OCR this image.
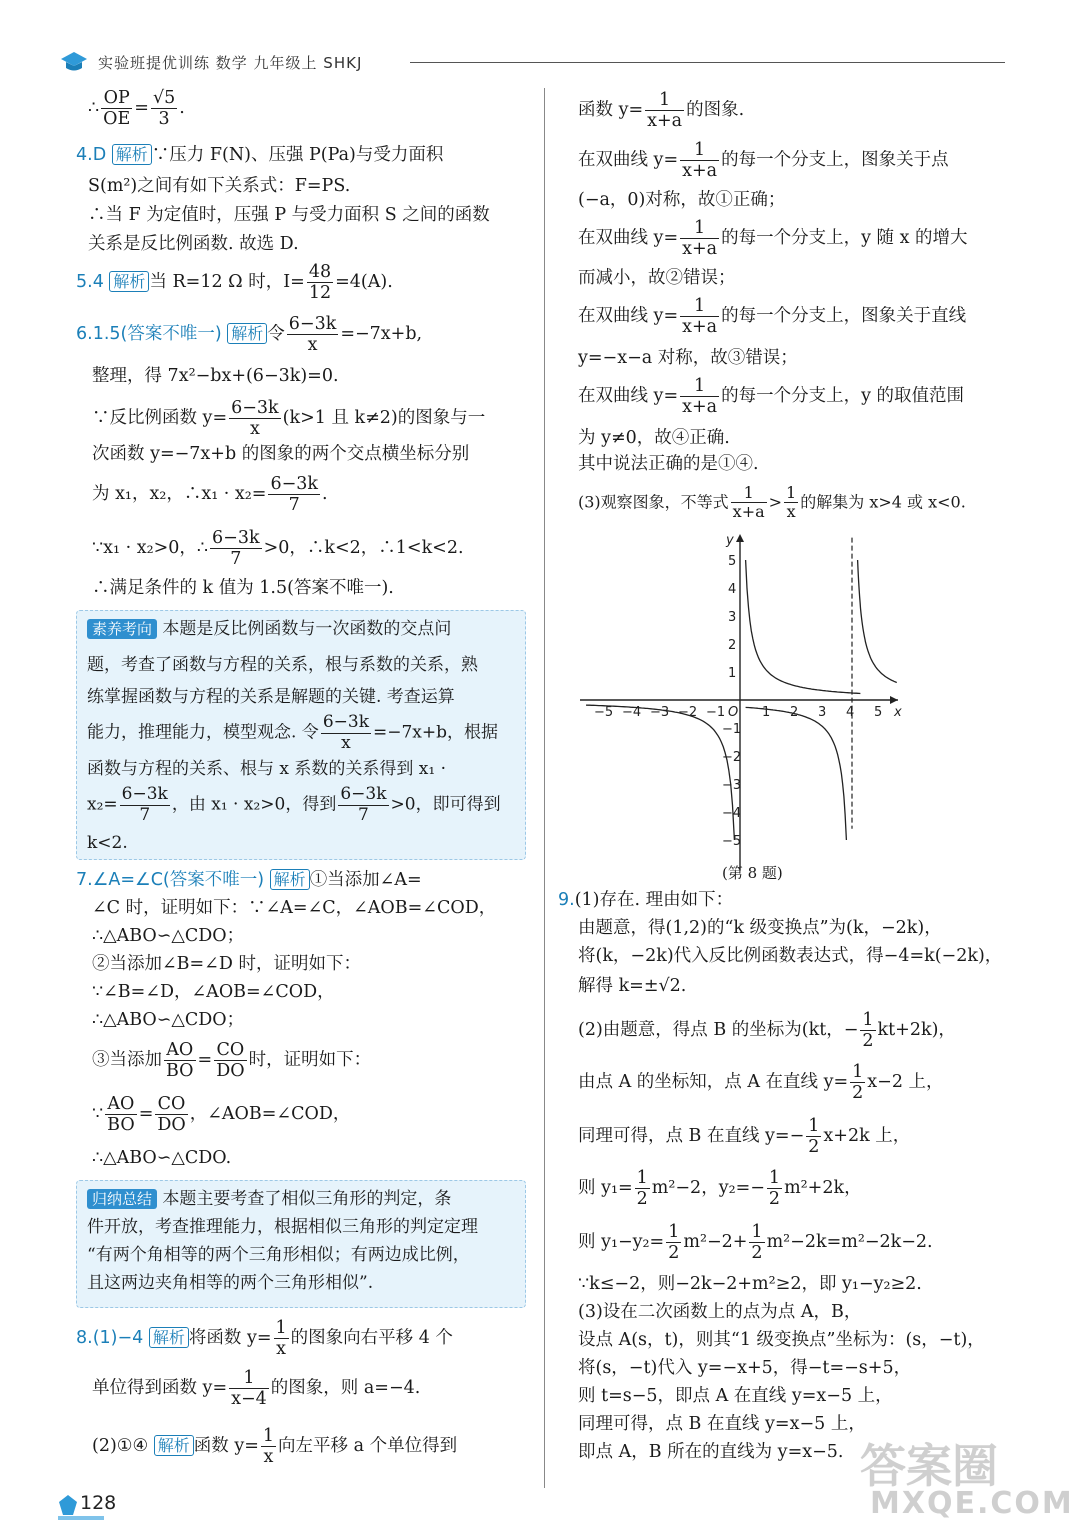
实验班提优训练 数学 九年级上 SHKJ
∴ $\frac{OP}{OE} = \frac{√5}{3}$ .
4.D 解析 ∵压力 F(N)、压强 P(Pa)与受力面积
S(m²)之间有如下关系式：F=PS.
∴当 F 为定值时，压强 P 与受力面积 S 之间的函数
关系是反比例函数. 故选 D.
5.4 解析 当 R=12 Ω 时，$I= \frac{48}{12} =4(A)$.
6.1.5(答案不唯一) 解析 令 $\frac{6-3k}{x} =-7x+b$,
整理，得 7x²−bx+(6−3k)=0.
∵反比例函数 $y= \frac{6-3k}{x} (k>1$ 且 k≠2)的图象与一
次函数 y=−7x+b 的图象的两个交点横坐标分别
为 x₁，x₂，∴x₁ · $x_2= \frac{6-3k}{7}$ .
∵x₁ · x₂>0，∴ $\frac{6-3k}{7} >0$，∴k<2，∴1<k<2.
∴满足条件的 k 值为 1.5(答案不唯一).
素养考向 本题是反比例函数与一次函数的交点问
题，考查了函数与方程的关系，根与系数的关系，熟
练掌握函数与方程的关系是解题的关键. 考查运算
能力，推理能力，模型观念. 令 $\frac{6-3k}{x} =-7x+b$，根据
函数与方程的关系、根与 x 系数的关系得到 x₁ ·
$x_2= \frac{6-3k}{7}$ ，由 x₁ · x₂>0，得到 $\frac{6-3k}{7} >0$，即可得到
k<2.
7.∠A=∠C(答案不唯一) 解析 ①当添加∠A=
∠C 时，证明如下：∵∠A=∠C，∠AOB=∠COD，
∴△ABO∽△CDO；
②当添加∠B=∠D 时，证明如下：
∵∠B=∠D，∠AOB=∠COD，
∴△ABO∽△CDO；
③当添加 $\frac{AO}{BO} = \frac{CO}{DO}$ 时，证明如下：
∵ $\frac{AO}{BO} = \frac{CO}{DO}$ ，∠AOB=∠COD，
∴△ABO∽△CDO.
归纳总结 本题主要考查了相似三角形的判定，条
件开放，考查推理能力，根据相似三角形的判定定理
“有两个角相等的两个三角形相似；有两边成比例，
且这两边夹角相等的两个三角形相似”.
8.(1)−4 解析 将函数 $y= \frac{1}{x}$ 的图象向右平移 4 个
单位得到函数 $y= \frac{1}{x-4}$ 的图象，则 a=−4.
(2)①④ 解析 函数 $y= \frac{1}{x}$ 向左平移 a 个单位得到
函数 $y= \frac{1}{x+a}$ 的图象.
在双曲线 $y= \frac{1}{x+a}$ 的每一个分支上，图象关于点
(−a，0)对称，故①正确；
在双曲线 $y= \frac{1}{x+a}$ 的每一个分支上，y 随 x 的增大
而减小，故②错误；
在双曲线 $y= \frac{1}{x+a}$ 的每一个分支上，图象关于直线
y=−x−a 对称，故③错误；
在双曲线 $y= \frac{1}{x+a}$ 的每一个分支上，y 的取值范围
为 y≠0，故④正确.
其中说法正确的是①④.
(3)观察图象，不等式 $\frac{1}{x+a} > \frac{1}{x}$ 的解集为 x>4 或 x<0.
x
y
O
−5 −4 −3 −2 −1	1 2 3 4 5
5
4
3
2
1
−1
−2
−3
−4
−5
(第 8 题)
9.(1)存在. 理由如下：
由题意，得(1,2)的“k 级变换点”为(k，−2k)，
将(k，−2k)代入反比例函数表达式，得−4=k(−2k)，
解得 k=±√2.
(2)由题意，得点 B 的坐标为(kt，− $\frac{1}{2} kt+2k$)，
由点 A 的坐标知，点 A 在直线 $y= \frac{1}{2} x-2$ 上，
同理可得，点 B 在直线 $y=- \frac{1}{2} x+2k$ 上，
则 $y_1= \frac{1}{2} m^2-2$，$y_2=- \frac{1}{2} m^2+2k$，
则 $y_1-y_2= \frac{1}{2} m^2-2+ \frac{1}{2} m^2-2k=m^2-2k-2$.
∵k≤−2，则−2k−2+m²≥2，即 y₁−y₂≥2.
(3)设在二次函数上的点为点 A，B，
设点 A(s，t)，则其“1 级变换点”坐标为：(s，−t)，
将(s，−t)代入 y=−x+5，得−t=−s+5，
则 t=s−5，即点 A 在直线 y=x−5 上，
同理可得，点 B 在直线 y=x−5 上，
即点 A，B 所在的直线为 y=x−5.
128
答案圈
MXQE.COM
